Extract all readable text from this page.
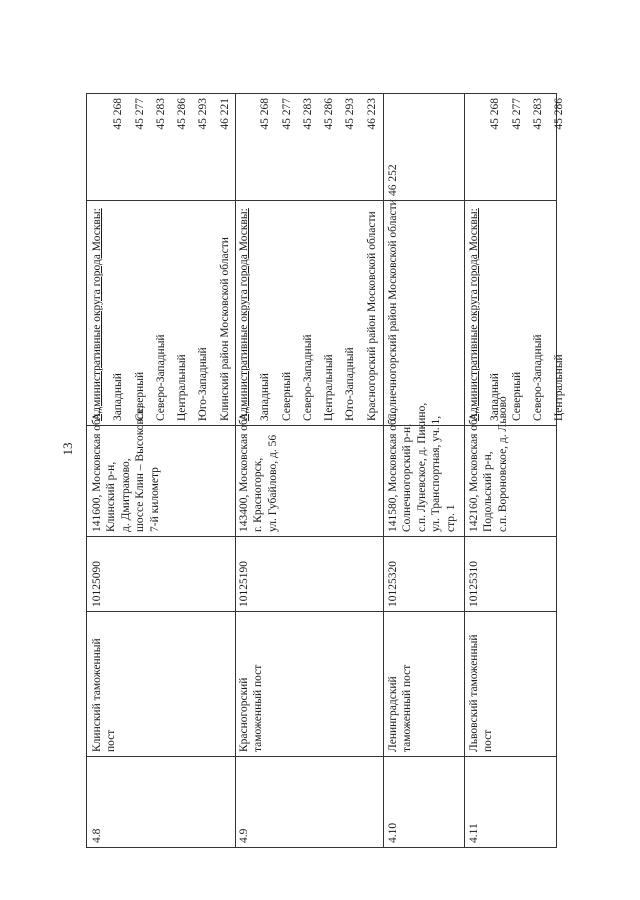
13
4.8
Клинский таможенный пост
10125090
141600, Московская обл., Клинский р-н, д. Дмитраково, шоссе Клин – Высоковск, 7-й километр
Административные округа города Москвы: Западный Северный Северо-Западный Центральный Юго-Западный Клинский район Московской области
45 268 45 277 45 283 45 286 45 293 46 221
4.9
Красногорский таможенный пост
10125190
143400, Московская обл., г. Красногорск, ул. Губайлово, д. 56
Административные округа города Москвы: Западный Северный Северо-Западный Центральный Юго-Западный Красногорский район Московской области
45 268 45 277 45 283 45 286 45 293 46 223
4.10
Ленинградский таможенный пост
10125320
141580, Московская обл., Солнечногорский р-н, с.п. Луневское, д. Пикино, ул. Транспортная, уч. 1, стр. 1
Солнечногорский район Московской области
46 252
4.11
Львовский таможенный пост
10125310
142160, Московская обл., Подольский р-н, с.п. Вороновское, д. Львово
Административные округа города Москвы: Западный Северный Северо-Западный Центральный
45 268 45 277 45 283 45 286
